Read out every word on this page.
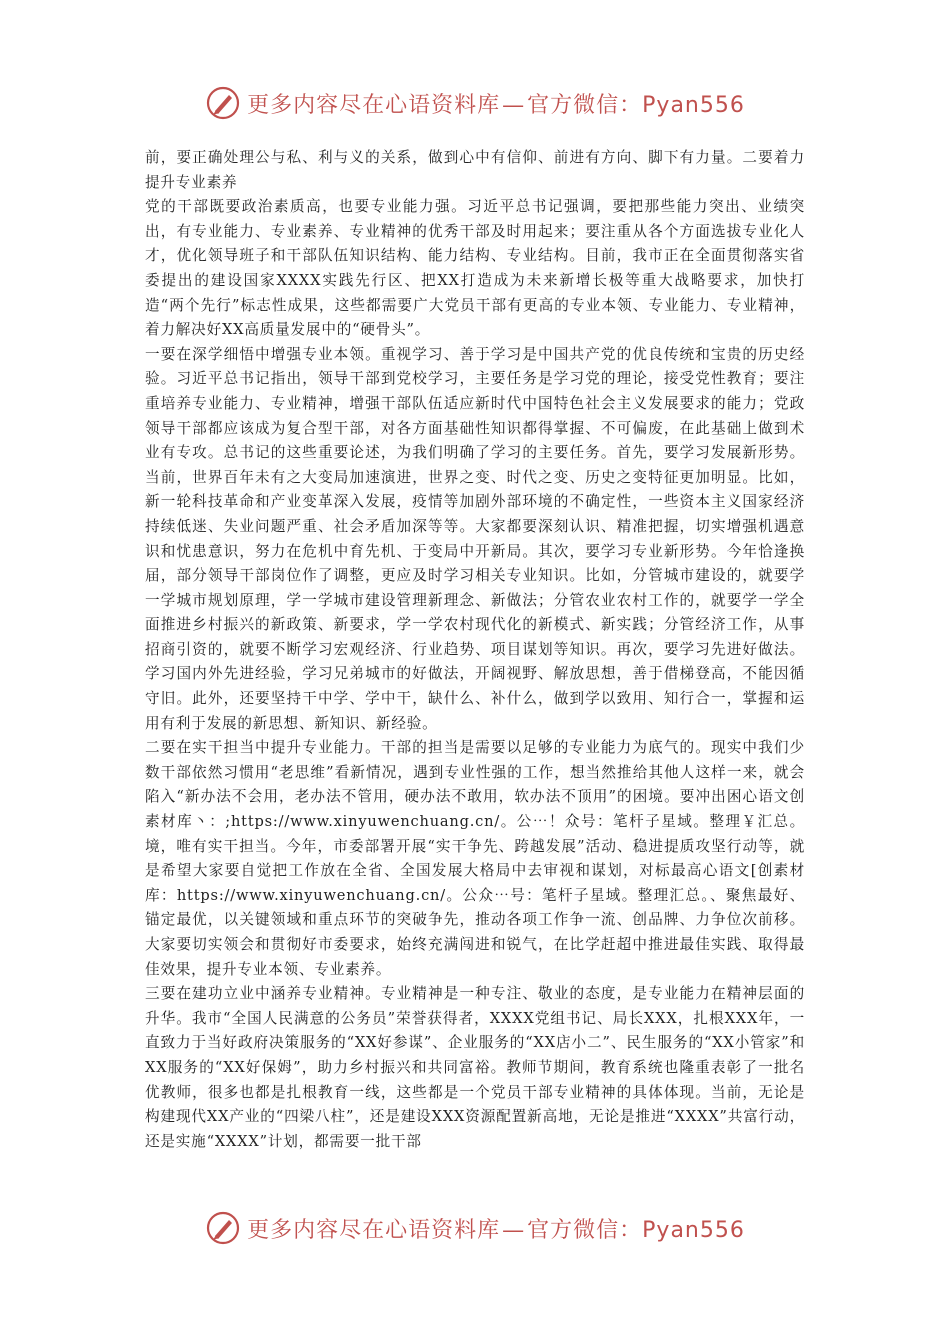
更多内容尽在心语资料库—官方微信：Pyan556

前，要正确处理公与私、利与义的关系，做到心中有信仰、前进有方向、脚下有力量。二要着力提升专业素养

党的干部既要政治素质高，也要专业能力强。习近平总书记强调，要把那些能力突出、业绩突出，有专业能力、专业素养、专业精神的优秀干部及时用起来；要注重从各个方面选拔专业化人才，优化领导班子和干部队伍知识结构、能力结构、专业结构。目前，我市正在全面贯彻落实省委提出的建设国家XXXX实践先行区、把XX打造成为未来新增长极等重大战略要求，加快打造“两个先行”标志性成果，这些都需要广大党员干部有更高的专业本领、专业能力、专业精神，着力解决好XX高质量发展中的“硬骨头”。

一要在深学细悟中增强专业本领。重视学习、善于学习是中国共产党的优良传统和宝贵的历史经验。习近平总书记指出，领导干部到党校学习，主要任务是学习党的理论，接受党性教育；要注重培养专业能力、专业精神，增强干部队伍适应新时代中国特色社会主义发展要求的能力；党政领导干部都应该成为复合型干部，对各方面基础性知识都得掌握、不可偏废，在此基础上做到术业有专攻。总书记的这些重要论述，为我们明确了学习的主要任务。首先，要学习发展新形势。当前，世界百年未有之大变局加速演进，世界之变、时代之变、历史之变特征更加明显。比如，新一轮科技革命和产业变革深入发展，疫情等加剧外部环境的不确定性，一些资本主义国家经济持续低迷、失业问题严重、社会矛盾加深等等。大家都要深刻认识、精准把握，切实增强机遇意识和忧患意识，努力在危机中育先机、于变局中开新局。其次，要学习专业新形势。今年恰逢换届，部分领导干部岗位作了调整，更应及时学习相关专业知识。比如，分管城市建设的，就要学一学城市规划原理，学一学城市建设管理新理念、新做法；分管农业农村工作的，就要学一学全面推进乡村振兴的新政策、新要求，学一学农村现代化的新模式、新实践；分管经济工作，从事招商引资的，就要不断学习宏观经济、行业趋势、项目谋划等知识。再次，要学习先进好做法。学习国内外先进经验，学习兄弟城市的好做法，开阔视野、解放思想，善于借梯登高，不能因循守旧。此外，还要坚持干中学、学中干，缺什么、补什么，做到学以致用、知行合一，掌握和运用有利于发展的新思想、新知识、新经验。

二要在实干担当中提升专业能力。干部的担当是需要以足够的专业能力为底气的。现实中我们少数干部依然习惯用“老思维”看新情况，遇到专业性强的工作，想当然推给其他人这样一来，就会陷入“新办法不会用，老办法不管用，硬办法不敢用，软办法不顶用”的困境。要冲出困心语文创素材库丶：;https://www.xinyuwenchuang.cn/。公⋯！众号：笔杆子星域。整理￥汇总。境，唯有实干担当。今年，市委部署开展“实干争先、跨越发展”活动、稳进提质攻坚行动等，就是希望大家要自觉把工作放在全省、全国发展大格局中去审视和谋划，对标最高心语文[创素材库：https://www.xinyuwenchuang.cn/。公众⋯号：笔杆子星域。整理汇总。、聚焦最好、锚定最优，以关键领域和重点环节的突破争先，推动各项工作争一流、创品牌、力争位次前移。大家要切实领会和贯彻好市委要求，始终充满闯进和锐气，在比学赶超中推进最佳实践、取得最佳效果，提升专业本领、专业素养。

三要在建功立业中涵养专业精神。专业精神是一种专注、敬业的态度，是专业能力在精神层面的升华。我市“全国人民满意的公务员”荣誉获得者，XXXX党组书记、局长XXX，扎根XXX年，一直致力于当好政府决策服务的“XX好参谋”、企业服务的“XX店小二”、民生服务的“XX小管家”和XX服务的“XX好保姆”，助力乡村振兴和共同富裕。教师节期间，教育系统也隆重表彰了一批名优教师，很多也都是扎根教育一线，这些都是一个党员干部专业精神的具体体现。当前，无论是构建现代XX产业的“四梁八柱”，还是建设XXX资源配置新高地，无论是推进“XXXX”共富行动，还是实施“XXXX”计划，都需要一批干部

更多内容尽在心语资料库—官方微信：Pyan556
